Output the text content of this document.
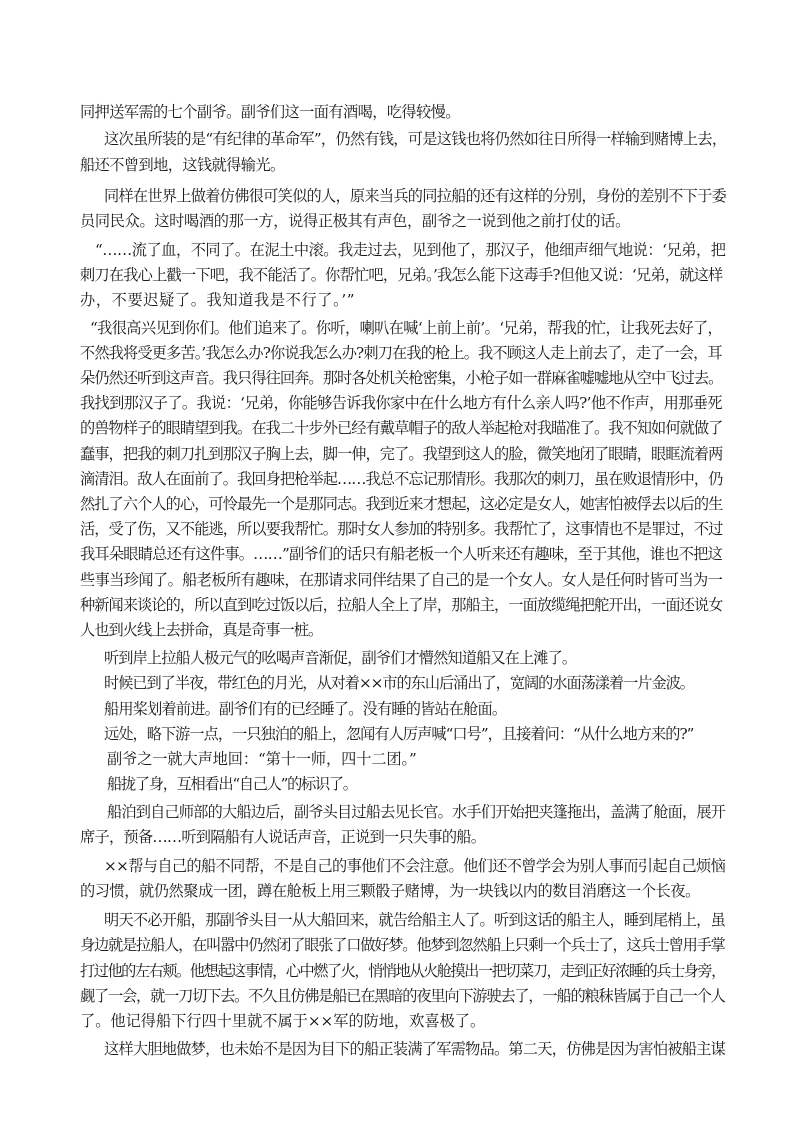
同押送军需的七个副爷。副爷们这一面有酒喝，吃得较慢。
这次虽所装的是“有纪律的革命军”，仍然有钱，可是这钱也将仍然如往日所得一样输到赌博上去，
船还不曾到地，这钱就得输光。
同样在世界上做着仿佛很可笑似的人，原来当兵的同拉船的还有这样的分别，身份的差别不下于委
员同民众。这时喝酒的那一方，说得正极其有声色，副爷之一说到他之前打仗的话。
“……流了血，不同了。在泥土中滚。我走过去，见到他了，那汉子，他细声细气地说：‘兄弟，把
刺刀在我心上戳一下吧，我不能活了。你帮忙吧，兄弟。’我怎么能下这毒手?但他又说：‘兄弟，就这样
办，不要迟疑了。我知道我是不行了。’”
“我很高兴见到你们。他们追来了。你听，喇叭在喊‘上前上前’。‘兄弟，帮我的忙，让我死去好了，
不然我将受更多苦。’我怎么办?你说我怎么办?刺刀在我的枪上。我不顾这人走上前去了，走了一会，耳
朵仍然还听到这声音。我只得往回奔。那时各处机关枪密集，小枪子如一群麻雀嘘嘘地从空中飞过去。
我找到那汉子了。我说：‘兄弟，你能够告诉我你家中在什么地方有什么亲人吗?’他不作声，用那垂死
的兽物样子的眼睛望到我。在我二十步外已经有戴草帽子的敌人举起枪对我瞄准了。我不知如何就做了
蠢事，把我的刺刀扎到那汉子胸上去，脚一伸，完了。我望到这人的脸，微笑地闭了眼睛，眼眶流着两
滴清泪。敌人在面前了。我回身把枪举起……我总不忘记那情形。我那次的刺刀，虽在败退情形中，仍
然扎了六个人的心，可怜最先一个是那同志。我到近来才想起，这必定是女人，她害怕被俘去以后的生
活，受了伤，又不能逃，所以要我帮忙。那时女人参加的特别多。我帮忙了，这事情也不是罪过，不过
我耳朵眼睛总还有这件事。……”副爷们的话只有船老板一个人听来还有趣味，至于其他，谁也不把这
些事当珍闻了。船老板所有趣味，在那请求同伴结果了自己的是一个女人。女人是任何时皆可当为一
种新闻来谈论的，所以直到吃过饭以后，拉船人全上了岸，那船主，一面放缆绳把舵开出，一面还说女
人也到火线上去拼命，真是奇事一桩。
听到岸上拉船人极元气的吆喝声音渐促，副爷们才懵然知道船又在上滩了。
时候已到了半夜，带红色的月光，从对着××市的东山后涌出了，宽阔的水面荡漾着一片金波。
船用桨划着前进。副爷们有的已经睡了。没有睡的皆站在舱面。
远处，略下游一点，一只独泊的船上，忽闻有人厉声喊“口号”，且接着问：“从什么地方来的?”
副爷之一就大声地回：“第十一师，四十二团。”
船拢了身，互相看出“自己人”的标识了。
船泊到自己师部的大船边后，副爷头目过船去见长官。水手们开始把夹篷拖出，盖满了舱面，展开
席子，预备……听到隔船有人说话声音，正说到一只失事的船。
××帮与自己的船不同帮，不是自己的事他们不会注意。他们还不曾学会为别人事而引起自己烦恼
的习惯，就仍然聚成一团，蹲在舱板上用三颗骰子赌博，为一块钱以内的数目消磨这一个长夜。
明天不必开船，那副爷头目一从大船回来，就告给船主人了。听到这话的船主人，睡到尾梢上，虽
身边就是拉船人，在叫嚣中仍然闭了眼张了口做好梦。他梦到忽然船上只剩一个兵士了，这兵士曾用手掌
打过他的左右颊。他想起这事情，心中燃了火，悄悄地从火舱摸出一把切菜刀，走到正好浓睡的兵士身旁，
觑了一会，就一刀切下去。不久且仿佛是船已在黑暗的夜里向下游驶去了，一船的粮秣皆属于自己一个人
了。他记得船下行四十里就不属于××军的防地，欢喜极了。
这样大胆地做梦，也未始不是因为目下的船正装满了军需物品。第二天，仿佛是因为害怕被船主谋
